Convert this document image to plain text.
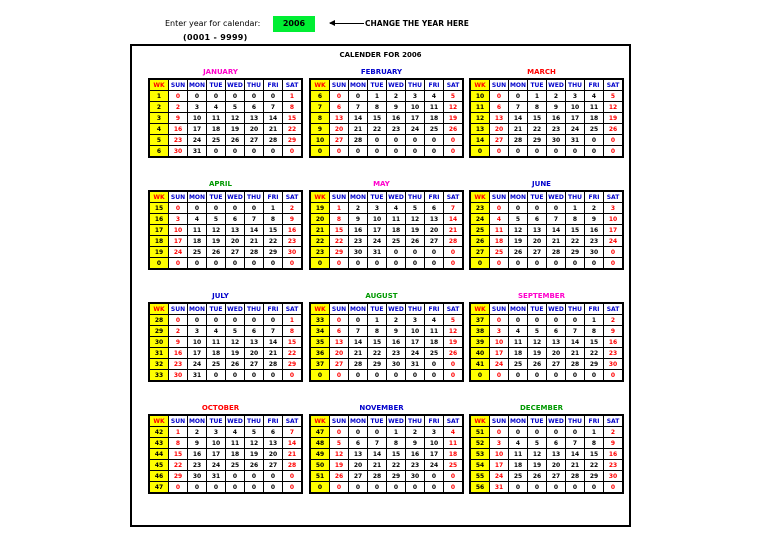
Enter year for calendar:	2006
(0001 - 9999)
CHANGE THE YEAR HERE
CALENDER FOR 2006
JANUARY
WK	SUN	MON	TUE	WED	THU	FRI	SAT
1	0	0	0	0	0	0	1
2	2	3	4	5	6	7	8
3	9	10	11	12	13	14	15
4	16	17	18	19	20	21	22
5	23	24	25	26	27	28	29
6	30	31	0	0	0	0	0
FEBRUARY
WK	SUN	MON	TUE	WED	THU	FRI	SAT
6	0	0	1	2	3	4	5
7	6	7	8	9	10	11	12
8	13	14	15	16	17	18	19
9	20	21	22	23	24	25	26
10	27	28	0	0	0	0	0
0	0	0	0	0	0	0	0
MARCH
WK	SUN	MON	TUE	WED	THU	FRI	SAT
10	0	0	1	2	3	4	5
11	6	7	8	9	10	11	12
12	13	14	15	16	17	18	19
13	20	21	22	23	24	25	26
14	27	28	29	30	31	0	0
0	0	0	0	0	0	0	0
APRIL
WK	SUN	MON	TUE	WED	THU	FRI	SAT
15	0	0	0	0	0	1	2
16	3	4	5	6	7	8	9
17	10	11	12	13	14	15	16
18	17	18	19	20	21	22	23
19	24	25	26	27	28	29	30
0	0	0	0	0	0	0	0
MAY
WK	SUN	MON	TUE	WED	THU	FRI	SAT
19	1	2	3	4	5	6	7
20	8	9	10	11	12	13	14
21	15	16	17	18	19	20	21
22	22	23	24	25	26	27	28
23	29	30	31	0	0	0	0
0	0	0	0	0	0	0	0
JUNE
WK	SUN	MON	TUE	WED	THU	FRI	SAT
23	0	0	0	0	1	2	3
24	4	5	6	7	8	9	10
25	11	12	13	14	15	16	17
26	18	19	20	21	22	23	24
27	25	26	27	28	29	30	0
0	0	0	0	0	0	0	0
JULY
WK	SUN	MON	TUE	WED	THU	FRI	SAT
28	0	0	0	0	0	0	1
29	2	3	4	5	6	7	8
30	9	10	11	12	13	14	15
31	16	17	18	19	20	21	22
32	23	24	25	26	27	28	29
33	30	31	0	0	0	0	0
AUGUST
WK	SUN	MON	TUE	WED	THU	FRI	SAT
33	0	0	1	2	3	4	5
34	6	7	8	9	10	11	12
35	13	14	15	16	17	18	19
36	20	21	22	23	24	25	26
37	27	28	29	30	31	0	0
0	0	0	0	0	0	0	0
SEPTEMBER
WK	SUN	MON	TUE	WED	THU	FRI	SAT
37	0	0	0	0	0	1	2
38	3	4	5	6	7	8	9
39	10	11	12	13	14	15	16
40	17	18	19	20	21	22	23
41	24	25	26	27	28	29	30
0	0	0	0	0	0	0	0
OCTOBER
WK	SUN	MON	TUE	WED	THU	FRI	SAT
42	1	2	3	4	5	6	7
43	8	9	10	11	12	13	14
44	15	16	17	18	19	20	21
45	22	23	24	25	26	27	28
46	29	30	31	0	0	0	0
47	0	0	0	0	0	0	0
NOVEMBER
WK	SUN	MON	TUE	WED	THU	FRI	SAT
47	0	0	0	1	2	3	4
48	5	6	7	8	9	10	11
49	12	13	14	15	16	17	18
50	19	20	21	22	23	24	25
51	26	27	28	29	30	0	0
0	0	0	0	0	0	0	0
DECEMBER
WK	SUN	MON	TUE	WED	THU	FRI	SAT
51	0	0	0	0	0	1	2
52	3	4	5	6	7	8	9
53	10	11	12	13	14	15	16
54	17	18	19	20	21	22	23
55	24	25	26	27	28	29	30
56	31	0	0	0	0	0	0
